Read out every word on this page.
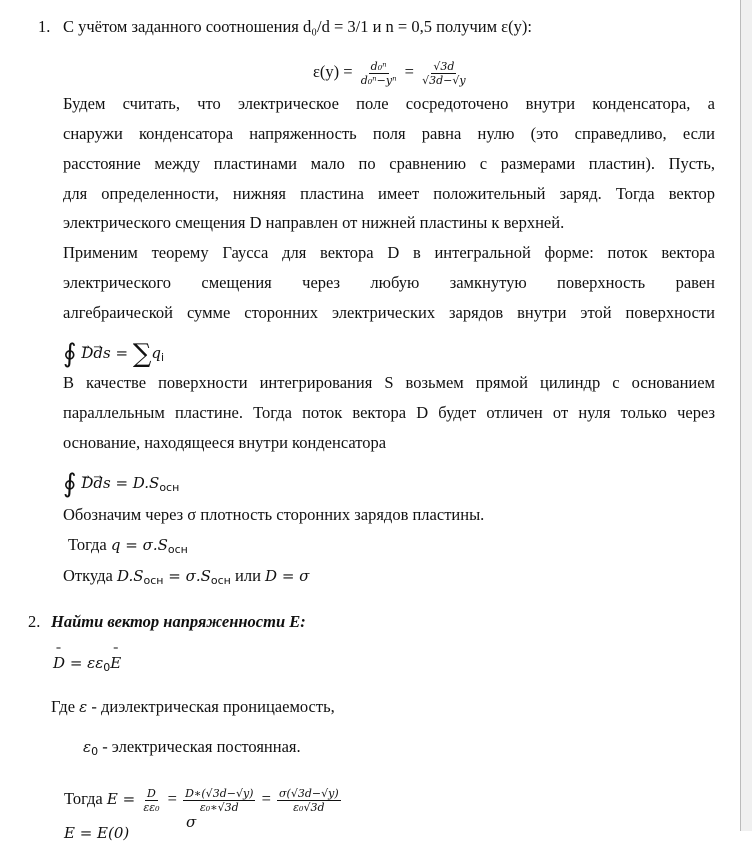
1. С учётом заданного соотношения d₀/d = 3/1 и n = 0,5 получим ε(y):
$\varepsilon(y) = \frac{\text{d₀ⁿ}}{\text{d₀ⁿ−yⁿ}} = \frac{√3d}{√3d-√y}$
Будем считать, что электрическое поле сосредоточено внутри конденсатора, а
снаружи конденсатора напряженность поля равна нулю (это справедливо, если
расстояние между пластинами мало по сравнению с размерами пластин). Пусть,
для определенности, нижняя пластина имеет положительный заряд. Тогда вектор
электрического смещения D направлен от нижней пластины к верхней.
Применим теорему Гаусса для вектора D в интегральной форме: поток вектора
электрического смещения через любую замкнутую поверхность равен
алгебраической сумме сторонних электрических зарядов внутри этой поверхности
∮ → D→ ds = $\sum q_i$
В качестве поверхности интегрирования S возьмем прямой цилиндр с основанием
параллельным пластине. Тогда поток вектора D будет отличен от нуля только через
основание, находящееся внутри конденсатора
∮ → D→ ds = $D.S_{осн}$
Обозначим через σ плотность сторонних зарядов пластины.
Тогда $q = \sigma.S_{осн}$
Откуда $D.S_{осн} = \sigma.S_{осн}$ или D = σ
2. Найти вектор напряженности E:
¯ $D = \varepsilon\varepsilon_0¯$ E
Где ε - диэлектрическая проницаемость,
$\varepsilon_0$ - электрическая постоянная.
Тогда $E = \frac{D}{\text{εε₀}} = \frac{D∗(√3d-√y)}{\text{ε₀∗√3d}} = \frac{\sigma(√3d-√y)}{\text{ε₀√3d}}$
σ
E = E(0)
